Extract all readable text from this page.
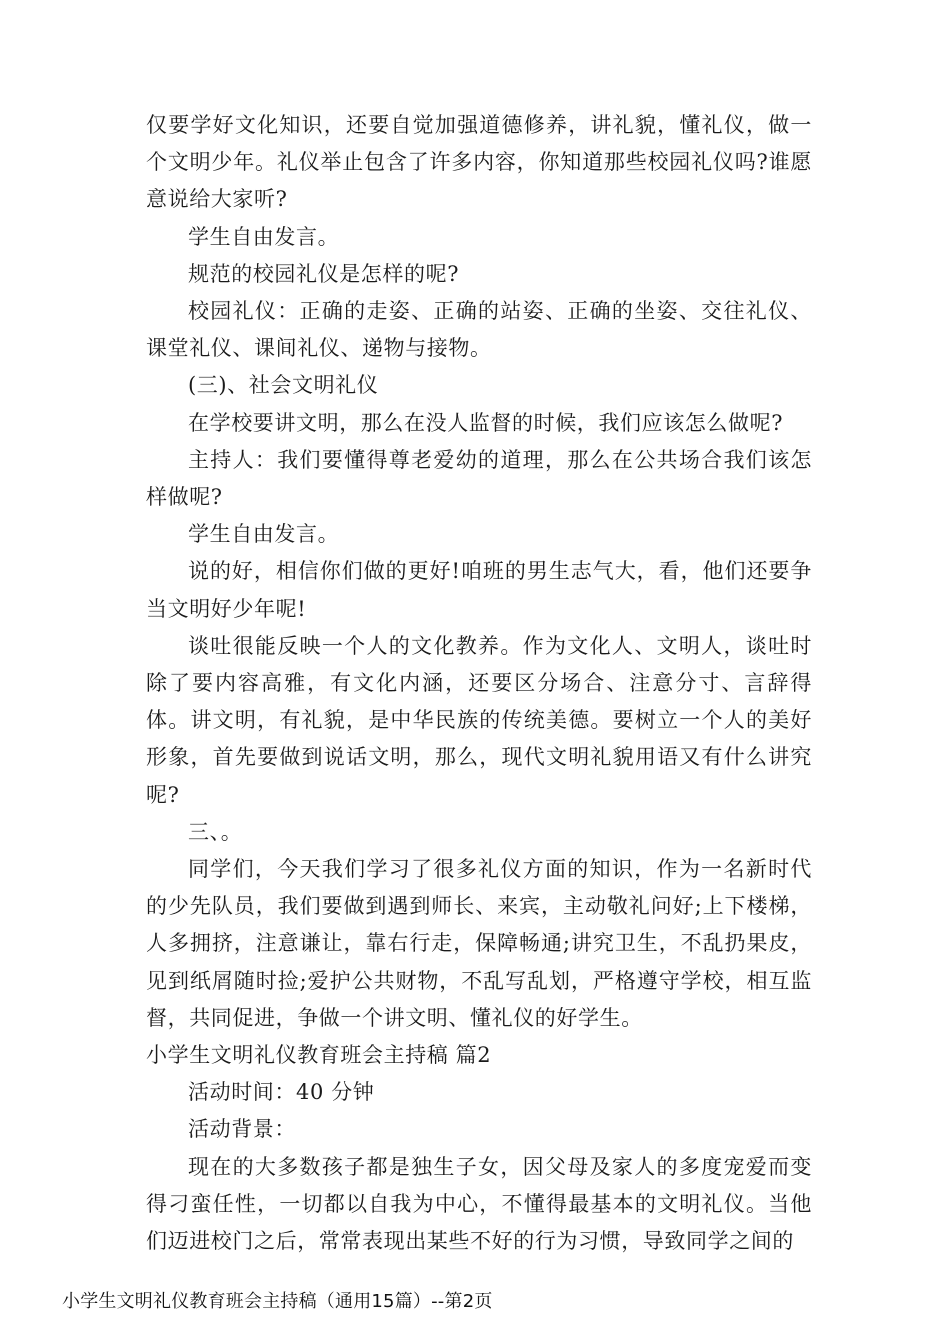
仅要学好文化知识，还要自觉加强道德修养，讲礼貌，懂礼仪，做一个文明少年。礼仪举止包含了许多内容，你知道那些校园礼仪吗?谁愿意说给大家听?

学生自由发言。

规范的校园礼仪是怎样的呢?

校园礼仪：正确的走姿、正确的站姿、正确的坐姿、交往礼仪、课堂礼仪、课间礼仪、递物与接物。

(三)、社会文明礼仪

在学校要讲文明，那么在没人监督的时候，我们应该怎么做呢?

主持人：我们要懂得尊老爱幼的道理，那么在公共场合我们该怎样做呢?

学生自由发言。

说的好，相信你们做的更好!咱班的男生志气大，看，他们还要争当文明好少年呢!

谈吐很能反映一个人的文化教养。作为文化人、文明人，谈吐时除了要内容高雅，有文化内涵，还要区分场合、注意分寸、言辞得体。讲文明，有礼貌，是中华民族的传统美德。要树立一个人的美好形象，首先要做到说话文明，那么，现代文明礼貌用语又有什么讲究呢?

三、。

同学们，今天我们学习了很多礼仪方面的知识，作为一名新时代的少先队员，我们要做到遇到师长、来宾，主动敬礼问好;上下楼梯，人多拥挤，注意谦让，靠右行走，保障畅通;讲究卫生，不乱扔果皮，见到纸屑随时捡;爱护公共财物，不乱写乱划，严格遵守学校，相互监督，共同促进，争做一个讲文明、懂礼仪的好学生。

小学生文明礼仪教育班会主持稿 篇2

活动时间：40 分钟

活动背景：

现在的大多数孩子都是独生子女，因父母及家人的多度宠爱而变得刁蛮任性，一切都以自我为中心，不懂得最基本的文明礼仪。当他们迈进校门之后，常常表现出某些不好的行为习惯，导致同学之间的

小学生文明礼仪教育班会主持稿（通用15篇）--第2页
